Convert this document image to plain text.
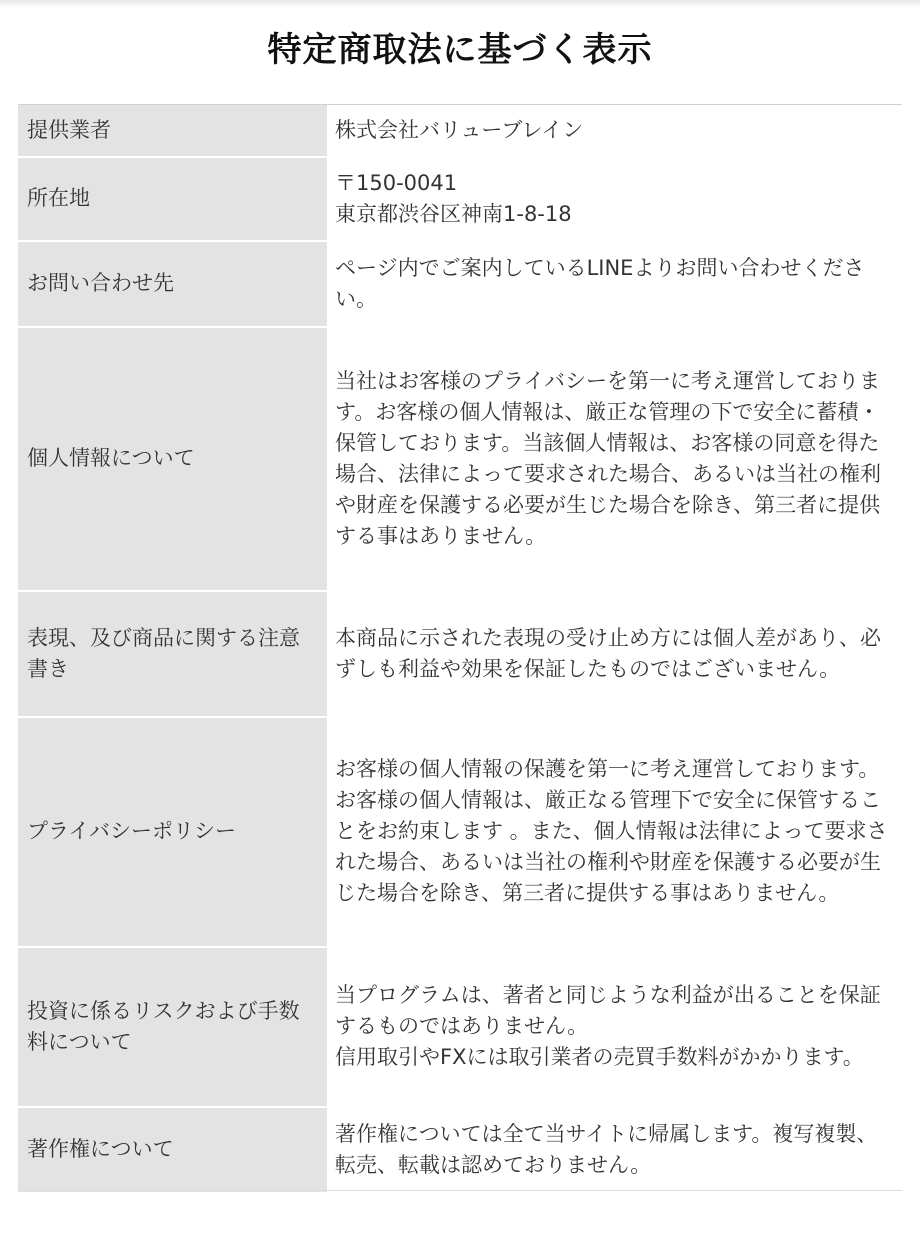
特定商取法に基づく表示
提供業者	株式会社バリューブレイン

所在地	〒150-0041
東京都渋谷区神南1-8-18

お問い合わせ先	ページ内でご案内しているLINEよりお問い合わせください。

個人情報について	当社はお客様のプライバシーを第一に考え運営しております。お客様の個人情報は、厳正な管理の下で安全に蓄積・保管しております。当該個人情報は、お客様の同意を得た場合、法律によって要求された場合、あるいは当社の権利や財産を保護する必要が生じた場合を除き、第三者に提供する事はありません。

表現、及び商品に関する注意書き	本商品に示された表現の受け止め方には個人差があり、必ずしも利益や効果を保証したものではございません。

プライバシーポリシー	お客様の個人情報の保護を第一に考え運営しております。お客様の個人情報は、厳正なる管理下で安全に保管することをお約束します 。また、個人情報は法律によって要求された場合、あるいは当社の権利や財産を保護する必要が生じた場合を除き、第三者に提供する事はありません。

投資に係るリスクおよび手数料について	当プログラムは、著者と同じような利益が出ることを保証するものではありません。
信用取引やFXには取引業者の売買手数料がかかります。

著作権について	著作権については全て当サイトに帰属します。複写複製、転売、転載は認めておりません。
